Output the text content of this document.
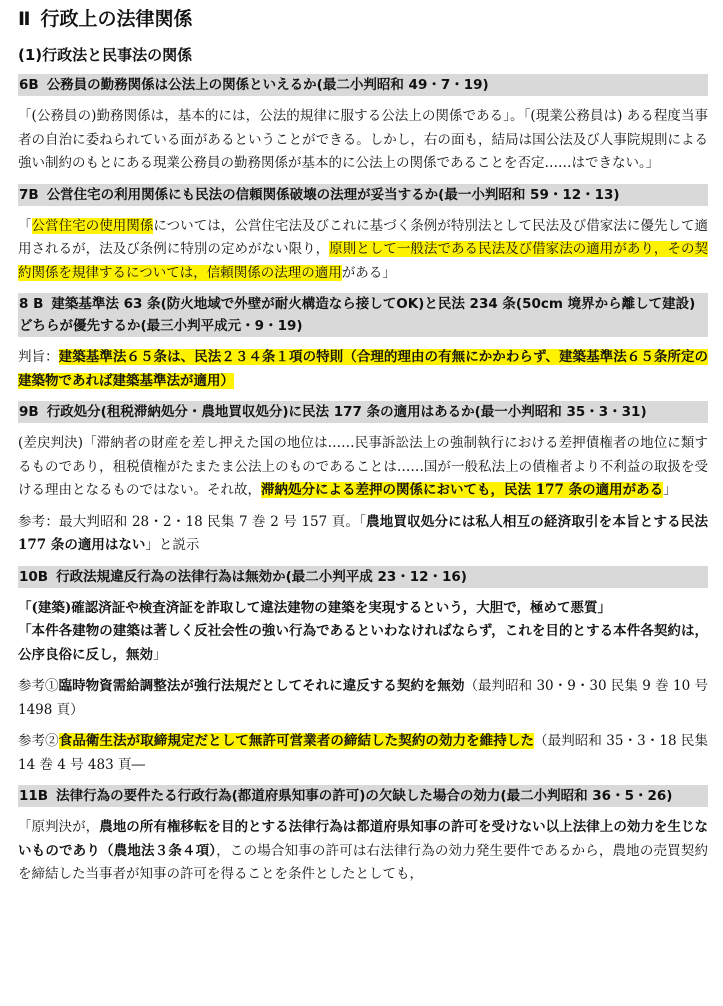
Ⅱ 行政上の法律関係
(1)行政法と民事法の関係
6B 公務員の勤務関係は公法上の関係といえるか(最二小判昭和 49・7・19)
「(公務員の)勤務関係は，基本的には，公法的規律に服する公法上の関係である」。「(現業公務員は) ある程度当事者の自治に委ねられている面があるということができる。しかし，右の面も，結局は国公法及び人事院規則による強い制約のもとにある現業公務員の勤務関係が基本的に公法上の関係であることを否定……はできない。」
7B 公営住宅の利用関係にも民法の信頼関係破壊の法理が妥当するか(最一小判昭和 59・12・13)
「公営住宅の使用関係については，公営住宅法及びこれに基づく条例が特別法として民法及び借家法に優先して適用されるが，法及び条例に特別の定めがない限り，原則として一般法である民法及び借家法の適用があり，その契約関係を規律するについては，信頼関係の法理の適用がある」
8 B 建築基準法 63 条(防火地域で外壁が耐火構造なら接してOK)と民法 234 条(50cm 境界から離して建設)どちらが優先するか(最三小判平成元・9・19)
判旨：建築基準法６５条は、民法２３４条１項の特則（合理的理由の有無にかかわらず、建築基準法６５条所定の建築物であれば建築基準法が適用）
9B 行政処分(租税滞納処分・農地買収処分)に民法 177 条の適用はあるか(最一小判昭和 35・3・31)
(差戻判決)「滞納者の財産を差し押えた国の地位は……民事訴訟法上の強制執行における差押債権者の地位に類するものであり，租税債権がたまたま公法上のものであることは……国が一般私法上の債権者より不利益の取扱を受ける理由となるものではない。それ故，滞納処分による差押の関係においても，民法 177 条の適用がある」
参考：最大判昭和 28・2・18 民集 7 巻 2 号 157 頁。「農地買収処分には私人相互の経済取引を本旨とする民法 177 条の適用はない」と説示
10B 行政法規違反行為の法律行為は無効か(最二小判平成 23・12・16)
「(建築)確認済証や検査済証を詐取して違法建物の建築を実現するという，大胆で，極めて悪質」
「本件各建物の建築は著しく反社会性の強い行為であるといわなければならず，これを目的とする本件各契約は，公序良俗に反し，無効」
参考①臨時物資需給調整法が強行法規だとしてそれに違反する契約を無効（最判昭和 30・9・30 民集 9 巻 10 号 1498 頁）
参考②食品衛生法が取締規定だとして無許可営業者の締結した契約の効力を維持した（最判昭和 35・3・18 民集 14 巻 4 号 483 頁―
11B 法律行為の要件たる行政行為(都道府県知事の許可)の欠缺した場合の効力(最二小判昭和 36・5・26)
「原判決が，農地の所有権移転を目的とする法律行為は都道府県知事の許可を受けない以上法律上の効力を生じないものであり（農地法３条４項），この場合知事の許可は右法律行為の効力発生要件であるから，農地の売買契約を締結した当事者が知事の許可を得ることを条件としたとしても，
